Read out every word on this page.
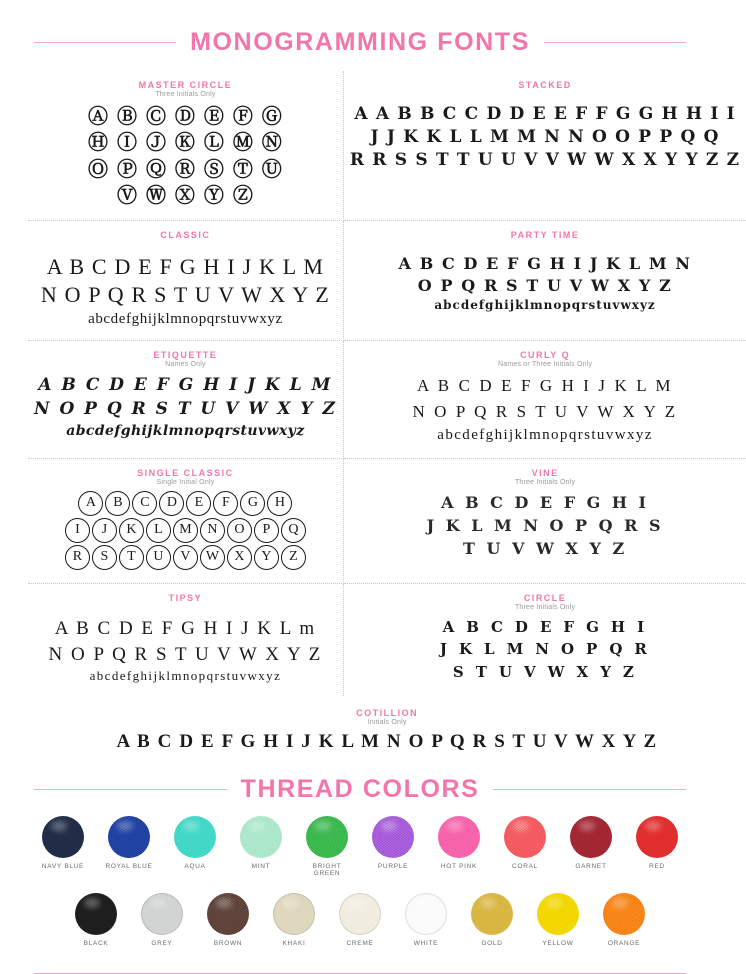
MONOGRAMMING FONTS
MASTER CIRCLE
Three Initials Only
Ⓐ Ⓑ Ⓒ Ⓓ Ⓔ Ⓕ Ⓖ
Ⓗ Ⓘ Ⓙ Ⓚ Ⓛ Ⓜ Ⓝ
Ⓞ Ⓟ Ⓠ Ⓡ Ⓢ Ⓣ Ⓤ
Ⓥ Ⓦ Ⓧ Ⓨ Ⓩ
STACKED
A A B B C C D D E E F F G G H H I I
J J K K L L M M N N O O P P Q Q
R R S S T T U U V V W W X X Y Y Z Z
CLASSIC
A B C D E F G H I J K L M
N O P Q R S T U V W X Y Z
abcdefghijklmnopqrstuvwxyz
PARTY TIME
A B C D E F G H I J K L M N
O P Q R S T U V W X Y Z
abcdefghijklmnopqrstuvwxyz
ETIQUETTE
Names Only
A B C D E F G H I J K L M
N O P Q R S T U V W X Y Z
abcdefghijklmnopqrstuvwxyz
CURLY Q
Names or Three Initials Only
A B C D E F G H I J K L M
N O P Q R S T U V W X Y Z
abcdefghijklmnopqrstuvwxyz
SINGLE CLASSIC
Single Initial Only
A	B	C	D	E	F	G	H
I	J	K	L	M	N	O	P	Q
R	S	T	U	V	W	X	Y	Z
VINE
Three Initials Only
A B C D E F G H I
J K L M N O P Q R S
T U V W X Y Z
TIPSY
A B C D E F G H I J K L m
N O P Q R S T U V W X Y Z
abcdefghijklmnopqrstuvwxyz
CIRCLE
Three Initials Only
A B C D E F G H I
J K L M N O P Q R
S T U V W X Y Z
COTILLION
Initials Only
A B C D E F G H I J K L M N O P Q R S T U V W X Y Z
THREAD COLORS
NAVY BLUE	ROYAL BLUE	AQUA	MINT	BRIGHT GREEN
PURPLE	HOT PINK	CORAL	GARNET	RED
BLACK	GREY	BROWN	KHAKI	CREME	WHITE	GOLD	YELLOW	ORANGE
